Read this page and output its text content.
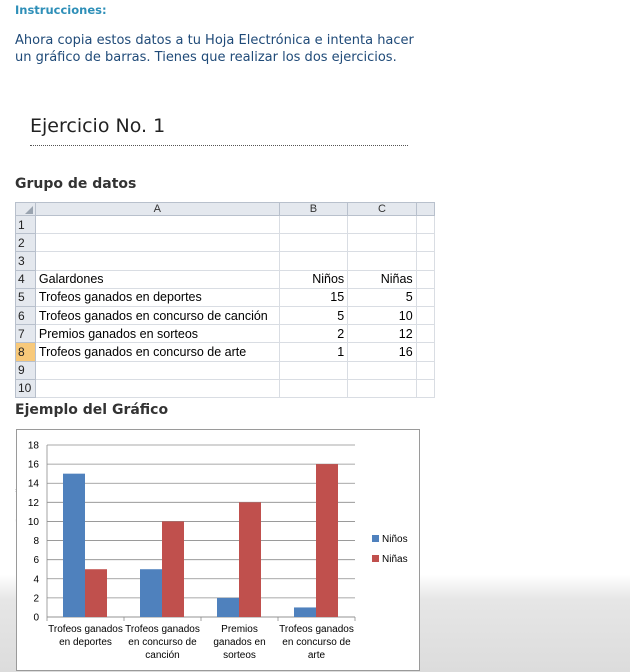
Instrucciones:
Ahora copia estos datos a tu Hoja Electrónica e intenta hacer un gráfico de barras. Tienes que realizar los dos ejercicios.
Ejercicio No. 1
Grupo de datos
	A	B	C	
1				
2				
3				
4	Galardones	Niños	Niñas	
5	Trofeos ganados en deportes	15	5	
6	Trofeos ganados en concurso de canción	5	10	
7	Premios ganados en sorteos	2	12	
8	Trofeos ganados en concurso de arte	1	16	
9				
10				
Ejemplo del Gráfico

0
2
4
6
8
10
12
14
16
18
Trofeos ganados
en deportes
Trofeos ganados
en concurso de
canción
Premios
ganados en
sorteos
Trofeos ganados
en concurso de
arte
Niños
Niñas
